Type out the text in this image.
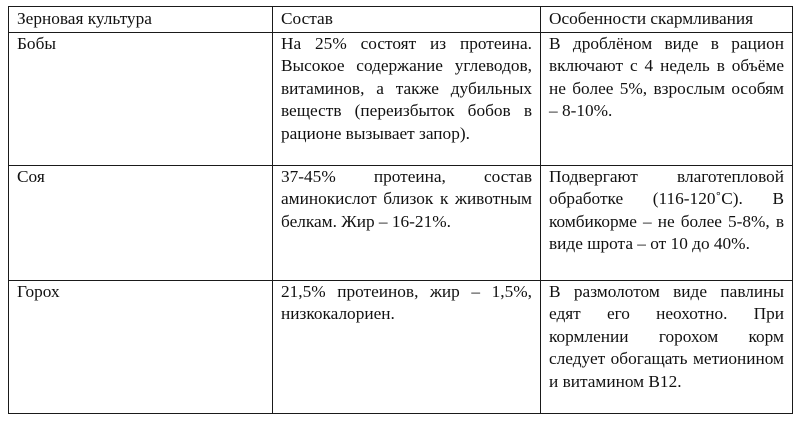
Зерновая культура	Состав	Особенности скармливания
Бобы	На 25% состоят из протеина. Высокое содержание углеводов, витаминов, а также дубильных веществ (переизбыток бобов в рационе вызывает запор).	В дроблёном виде в рацион включают с 4 недель в объёме не более 5%, взрослым особям – 8-10%.
Соя	37-45% протеина, состав аминокислот близок к животным белкам. Жир – 16-21%.	Подвергают влаготепловой обработке (116-120˚С). В комбикорме – не более 5-8%, в виде шрота – от 10 до 40%.
Горох	21,5% протеинов, жир – 1,5%, низкокалориен.	В размолотом виде павлины едят его неохотно. При кормлении горохом корм следует обогащать метионином и витамином В12.
